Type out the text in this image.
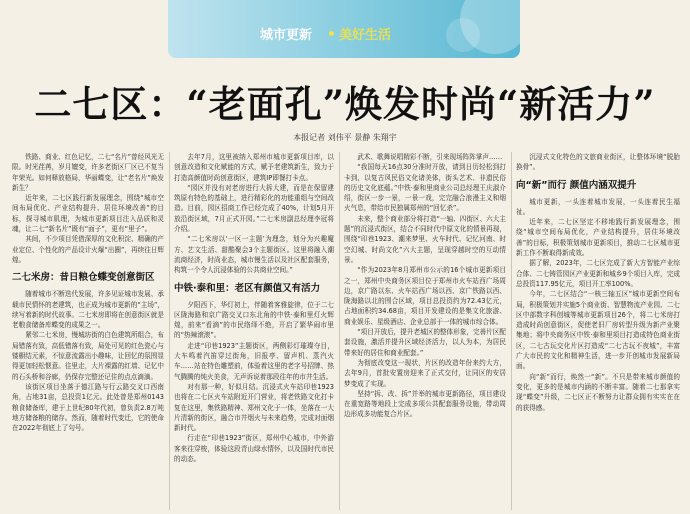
城市更新 美好生活
二七区：“老面孔”焕发时尚“新活力”
本报记者 刘伟平 景静 朱翔宇

铁路、商业、红色记忆，二七“名片”曾经风光无限。时光荏苒，岁月嬗变，许多老街区厂区已不复当年荣光。如何释放格局，华丽蝶变，让“老名片”焕发新生？

近年来，二七区践行新发展理念，围绕“城市空间布局优化、产业结构提升、居住环境改善”的目标，探寻城市肌理，为城市更新项目注入品质和灵魂，让二七“新名片”既有“面子”，更有“里子”。

其间，不少项目凭借深厚的文化积淀、精确的产业定位、个性化的产品设计火爆“出圈”，再续往日辉煌。

二七米房：昔日粮仓蝶变创意街区

随着城市不断迭代发展，许多见证城市发展、承载市民情怀的老建筑，也正成为城市更新的“主场”，续写着新的时代故事。二七米房即将在创意街区就是老粮食储备库蝶变的成果之一。

紧邻二七米房，慢城坊街的白色建筑所组合，布局错落有致，高低错落有致，局处可见的红色瓷心与镂橱结元素，不惊意流露出小趣味，让回忆的氛围显得更加轻松惬意。往里走，大片裸露的红墙、记忆中的石头桥和谷廊，仍保存完整还记住的点点滴滴。

该街区项目坐落于德江路与行云路交叉口西南角，占地31亩，总投资1亿元。此处曾是郑州0143粮食储备库，建于上世纪80年代初，曾负责2.8万吨地方储备粮的储存。然而，随着时代变迁，它的使命在2022年彻底上了句号。

去年7月，这里被纳入郑州市城市更新项目库，以创意改造和文化赋能的方式，赋予老建筑新生，致力于打造高颜值时尚创意街区，建筑IP即餐打卡点。

“园区并没有对老房进行大拆大建，而是在保留建筑原有特色的基础上，进行精彩化的功能重组与空间改造。目前，园区招商工作已经完成了40%，计划5月开放沿街区域，7月正式开园。”二七米房副总经理李冠将介绍。

“二七米房以‘一区一主题’为理念，划分为兴趣魔方、艺文生活、甜酷聚会3个主题街区。这里将融入潮流商经济，时尚业态，城市慢生活以及社区配套服务，构筑一个令人沉浸体验的公共商业空间。”

中铁·泰和里：老区有颜值又有活力

夕阳西下，华灯初上，伴随着客雅旋律，位于二七区陇海路和京广路交叉口东北角的中铁·泰和里灯火辉煌，前来“看滴”的市民络绎不绝，开启了繁华闹市里的“热辣滚滚”。

走进“印巷1923”主题街区，两侧彩灯璀璨夺目，大车鸣着汽笛穿过街角，旧报亭、留声机、蒸汽火车……站在特色雕塑前，体验着这里的老字号招牌、热气腾腾的炖火美食，无声诉说着那段往年的市井生活。

对有那一种，好似月结。沉浸式火车站印巷1923也将在二七区火车站附近开门营业，将老铁路文化打卡复在这里，集铁路精神、郑州文化于一体，坐落在一大片清新的街区，融合市井烟火与未来趋势，完成对面烟新时代。

行走在“印巷1923”街区，郑州中心城市，中外游客来往穿梭，体验这段青山绿水情怀，以及国时代市民的动态。

武术、歌舞说唱精彩不断，引来现场阵阵掌声……

“我国每天16点30分准时开放，请到日历轻松到打卡到，以复古风民俗文化诸美体，街头艺术、非遗民俗的历史文化底蕴。”中铁·泰和里商业公司总经理王庆淑介绍，街区一步一景，一景一戏，完完融合浪漫主义和烟火气息，带给市民独属郑州的“回忆杀”。

未来，整个商业部分将打造“一轴、四街区、六大主题”的沉浸式街区，结合不同时代中原文化的情景再现，围绕“印巷1923、潮来梦里、火车时代、记忆河南、时空幻城、时尚文化”六大主题，呈现穿越时空的互动情景。

“作为2023年8月郑州市公示的16个城市更新项目之一，郑州中央商务区项目位于郑州市火车站西广场周边，京广路以东、火车站西广场以西、京广铁路以西、陇海路以北的围合区域，项目总投资约为72.43亿元，占地面积约34.68亩，项目开发建设的是集文化旅游、商业娱乐、星级酒店、企业总部于一体的城市综合体。

“项目开放后，提升老城区的整体形象，完善片区配套设施，激活并提升区域经济活力，以人为本，为居民带来好的居住和商业配套。”

为彻底改变这一现状，片区的改造年份来约大方，去年9月，首批安置房迎来了正式交付，让同区的安居梦变成了实现。

坚持“拆、改、拆”并举的城市更新路径，项目建设在重宽路等地段上完成多项公共配套服务设施，带动周边形成多功能复合片区。

沉浸式文化特色的文旅商业街区，让整体环境“脱胎换骨”。

向“新”而行 颜值内涵双提升

城市更新，一头连着城市发展，一头连着民生福祉。

近年来，二七区坚定不移地践行新发展理念，围绕“城市空间布局优化，产业结构提升，居住环境改善”的目标，积极策划城市更新项目，推动二七区城市更新工作不断取得新成效。

据了解，2023年，二七区完成了新大方智能产业综合体、二七铸管园区产业更新和城乡9个项目入库，完成总投资117.95亿元，项目开工率100%。

今年，二七区结合“一核三轴五区”城市更新空间布局，积极策划并实施5个商业街、智慧物流产业园、二七区中部数字科创城等城市更新项目26个，将二七米房打造成时尚创意街区，促使老旧厂房转型升级为新产业聚集地；将中央商务区中铁·泰和里项目打造成特色商业街区，二七古玩交化片区打造成“二七古玩不夜城”，丰富广大市民的文化和精神生活，进一步开创城市发展新局面。

向“新”而行，焕然一“新”。不只是带来城市颜值的变化，更多的是城市内涵的不断丰富。随着二七那拿实现“蝶变”升级，二七区正不断努力让群众拥有实实在在的获得感。
